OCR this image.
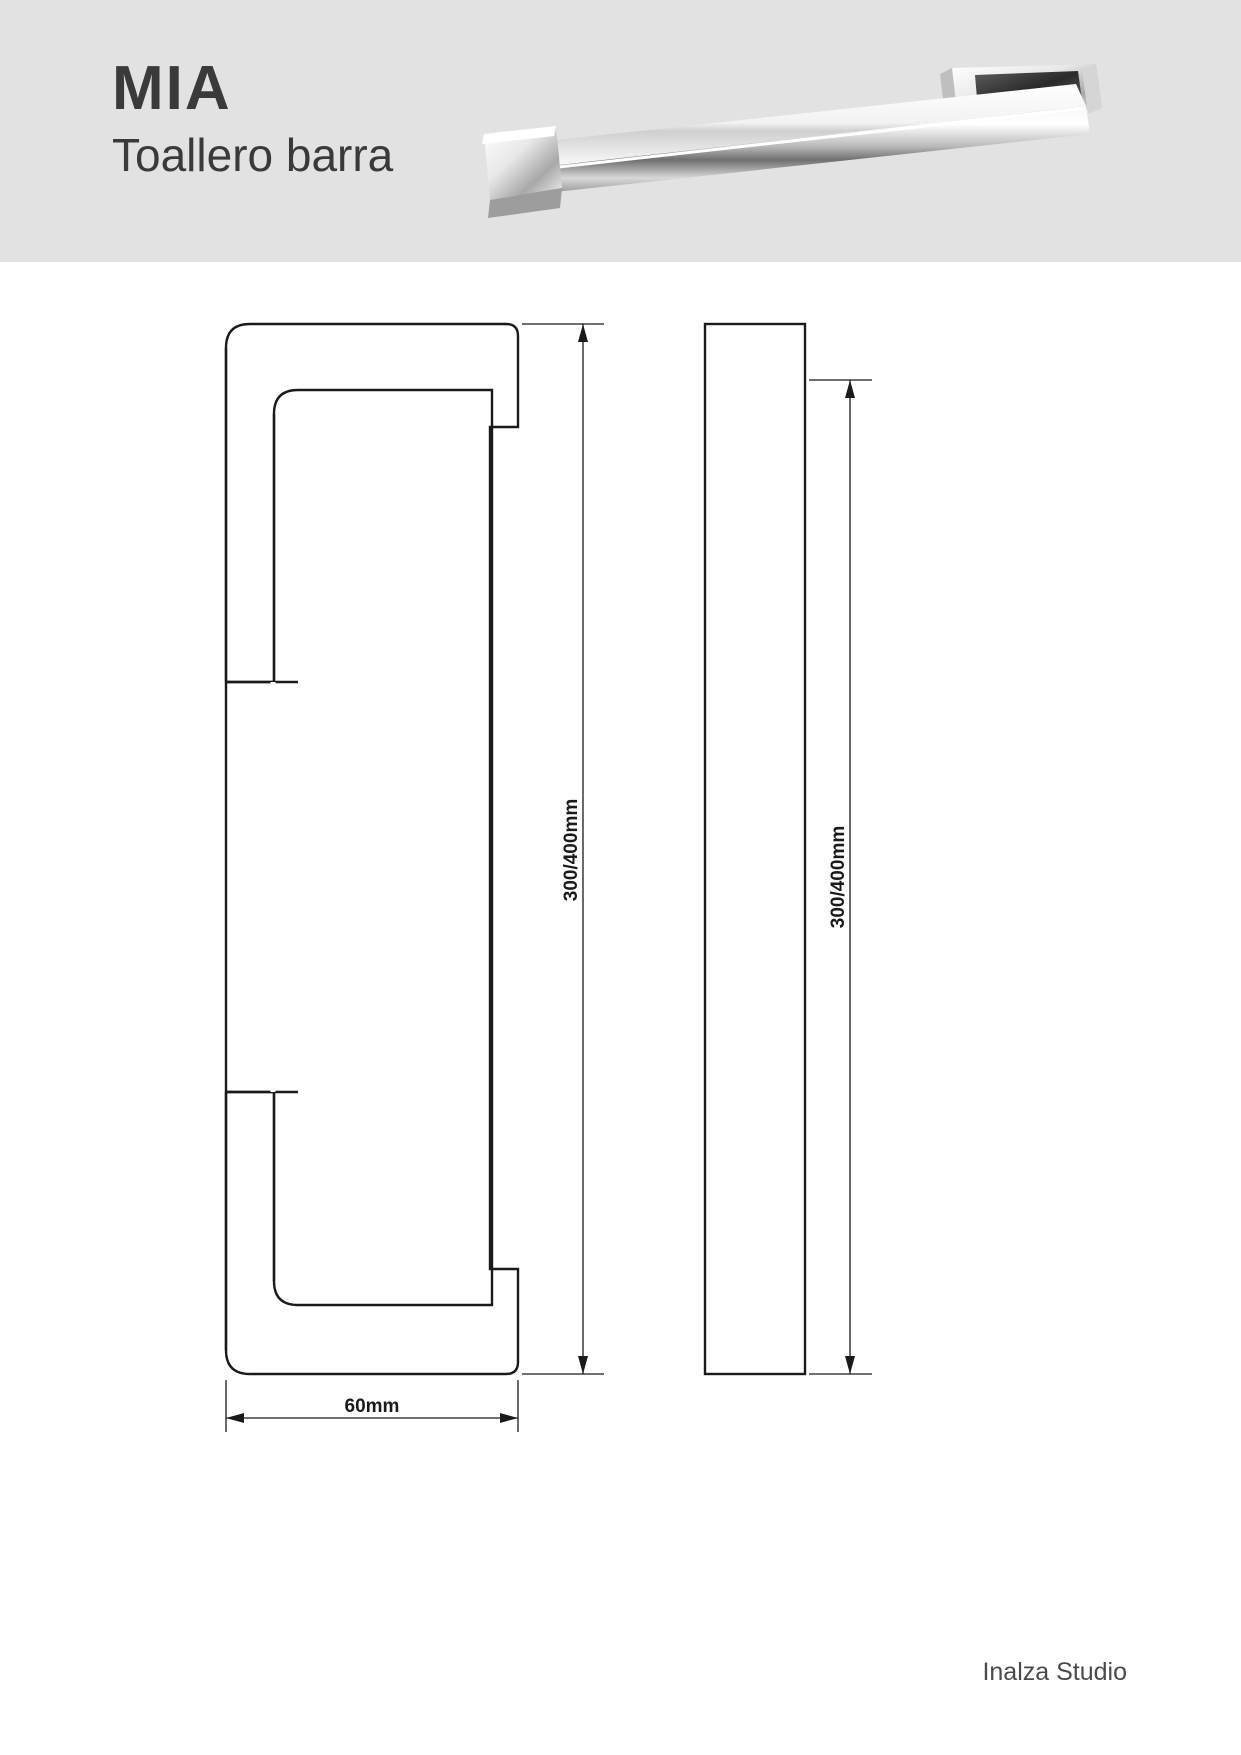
MIA
Toallero barra
300/400mm
60mm
300/400mm
Inalza Studio
